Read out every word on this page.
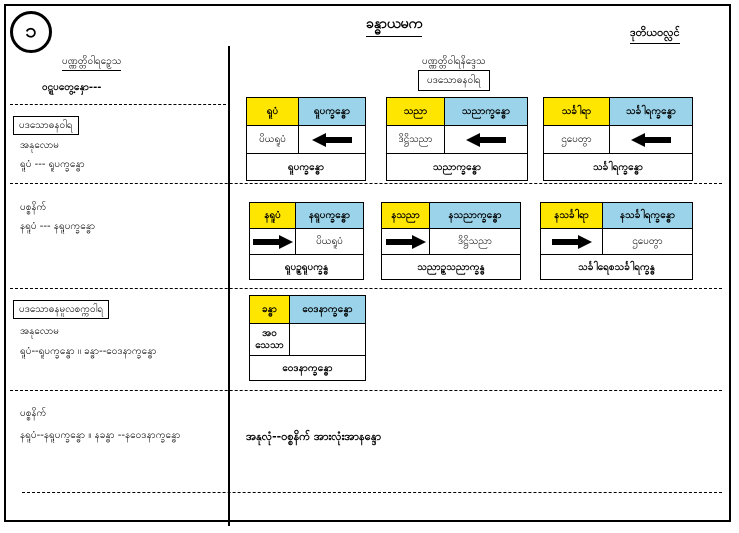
၁	ခန္ဓာယမက
ဒုတိယဝလ္လင်
ပဏ္ဏတ္တိဝါရဉ္ဒေသ
ဝဋ္ဋပတွေ့နှော---
ပဒသောဓနဝါရ
အနုလောမ
ရူပံ --- ရူပက္ခန္ဓော
ပစ္စနိက်
နရူပံ --- နရူပက္ခန္ဓော
ပဒသောဓနမူလစက္ကဝါရ
အနုလောမ
ရူပံ--ရူပက္ခန္ဓော ။ ခန္ဓာ--ဝေဒနာက္ခန္ဓော
ပစ္စနိက်
နရူပံ--နရူပက္ခန္ဓော ။ နခန္ဓာ --နဝေဒနာက္ခန္ဓော
ပဏ္ဏတ္တိဝါရနိဒ္ဒေသ
ပဒသောဓနဝါရ
ရူပံ	ရူပက္ခန္ဓော
ပိယရူပံ
ရူပက္ခန္ဓော
သညာ	သညာက္ခန္ဓော
ဒိဋ္ဌိသညာ
သညာက္ခန္ဓော
သင်္ခါရာ	သင်္ခါရက္ခန္ဓော
ဌပေတွာ
သင်္ခါရက္ခန္ဓော
နရူပံ	နရူပက္ခန္ဓော
ပိယရူပံ
ရူပဉ္စရူပက္ခန္ဓ
နသညာ	နသညာက္ခန္ဓော
ဒိဋ္ဌိသညာ
သညာဉ္စသညာက္ခန္ဓ
နသင်္ခါရာ	နသင်္ခါရက္ခန္ဓော
ဌပေတွာ
သင်္ခါရေစသင်္ခါရက္ခန္ဓ
ခန္ဓာ	ဝေဒနာက္ခန္ဓော
အဝ
သေသာ
ဝေဒနာက္ခန္ဓော
အနုလုံ--ဝစ္စနိက် အားလုံးအာနန္ဒော
